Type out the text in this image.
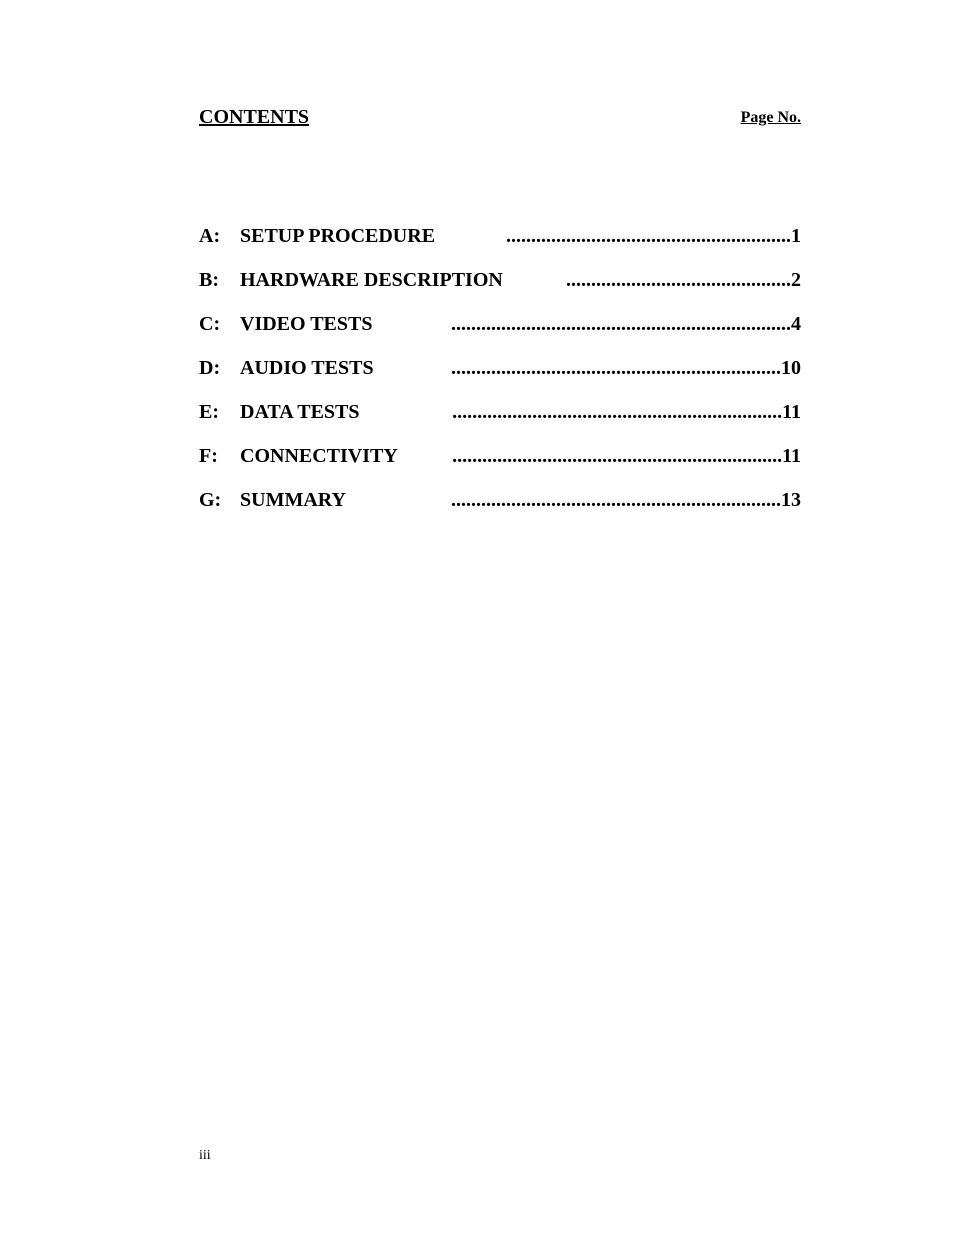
CONTENTS	Page No.
A: SETUP PROCEDURE	.........................................................1
B: HARDWARE DESCRIPTION	.............................................2
C: VIDEO TESTS	....................................................................4
D: AUDIO TESTS	..................................................................10
E: DATA TESTS	..................................................................11
F: CONNECTIVITY	..................................................................11
G: SUMMARY	..................................................................13
iii
